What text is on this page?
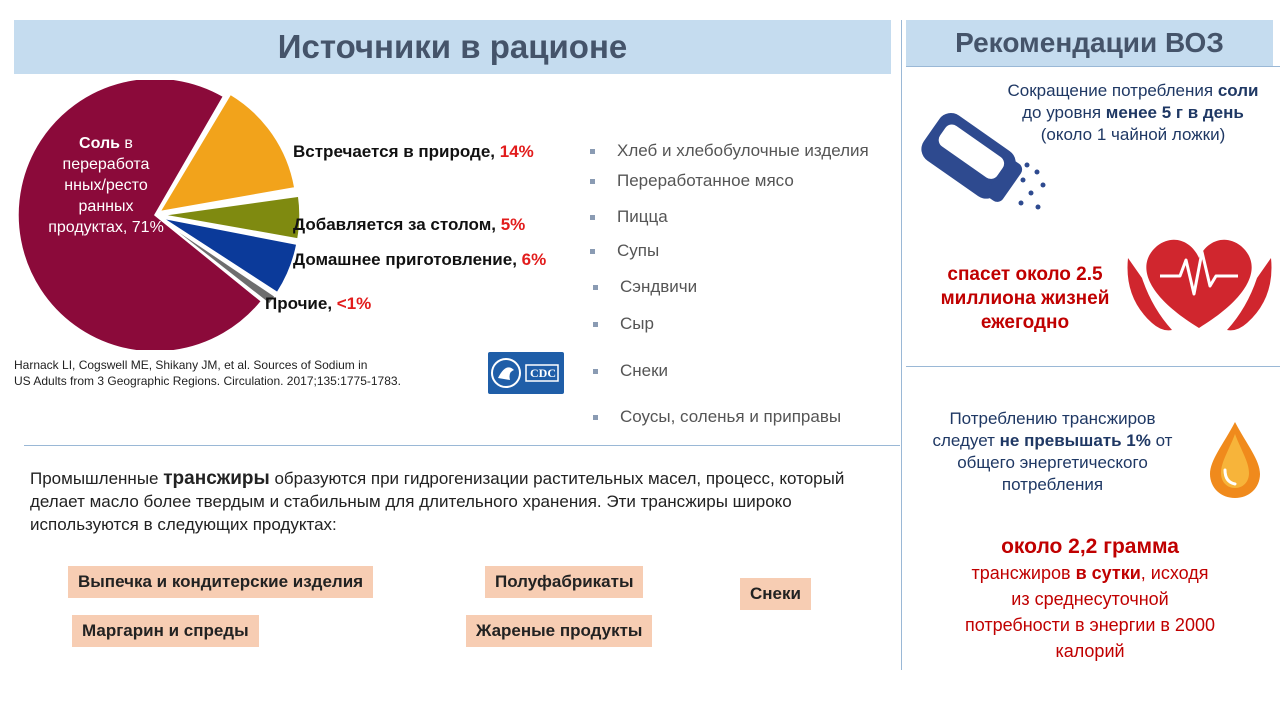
Источники в рационе	Рекомендации ВОЗ
Соль в переработа нных/ресто ранных продуктах, 71%
Встречается в природе, 14%
Добавляется за столом, 5%
Домашнее приготовление, 6%
Прочие, <1%
Harnack LI, Cogswell ME, Shikany JM, et al. Sources of Sodium in
US Adults from 3 Geographic Regions. Circulation. 2017;135:1775-1783.
CDC
Хлеб и хлебобулочные изделия
Переработанное мясо
Пицца
Супы
Сэндвичи
Сыр
Снеки
Соусы, соленья и приправы
Промышленные трансжиры образуются при гидрогенизации растительных масел, процесс, который делает масло более твердым и стабильным для длительного хранения. Эти трансжиры широко используются в следующих продуктах:
Выпечка и кондитерские изделия	Полуфабрикаты
Снеки
Маргарин и спреды	Жареные продукты
Сокращение потребления соли
до уровня менее 5 г в день
(около 1 чайной ложки)
спасет около 2.5
миллиона жизней
ежегодно
Потреблению трансжиров
следует не превышать 1% от
общего энергетического
потребления
около 2,2 грамма
трансжиров в сутки, исходя
из среднесуточной
потребности в энергии в 2000
калорий
